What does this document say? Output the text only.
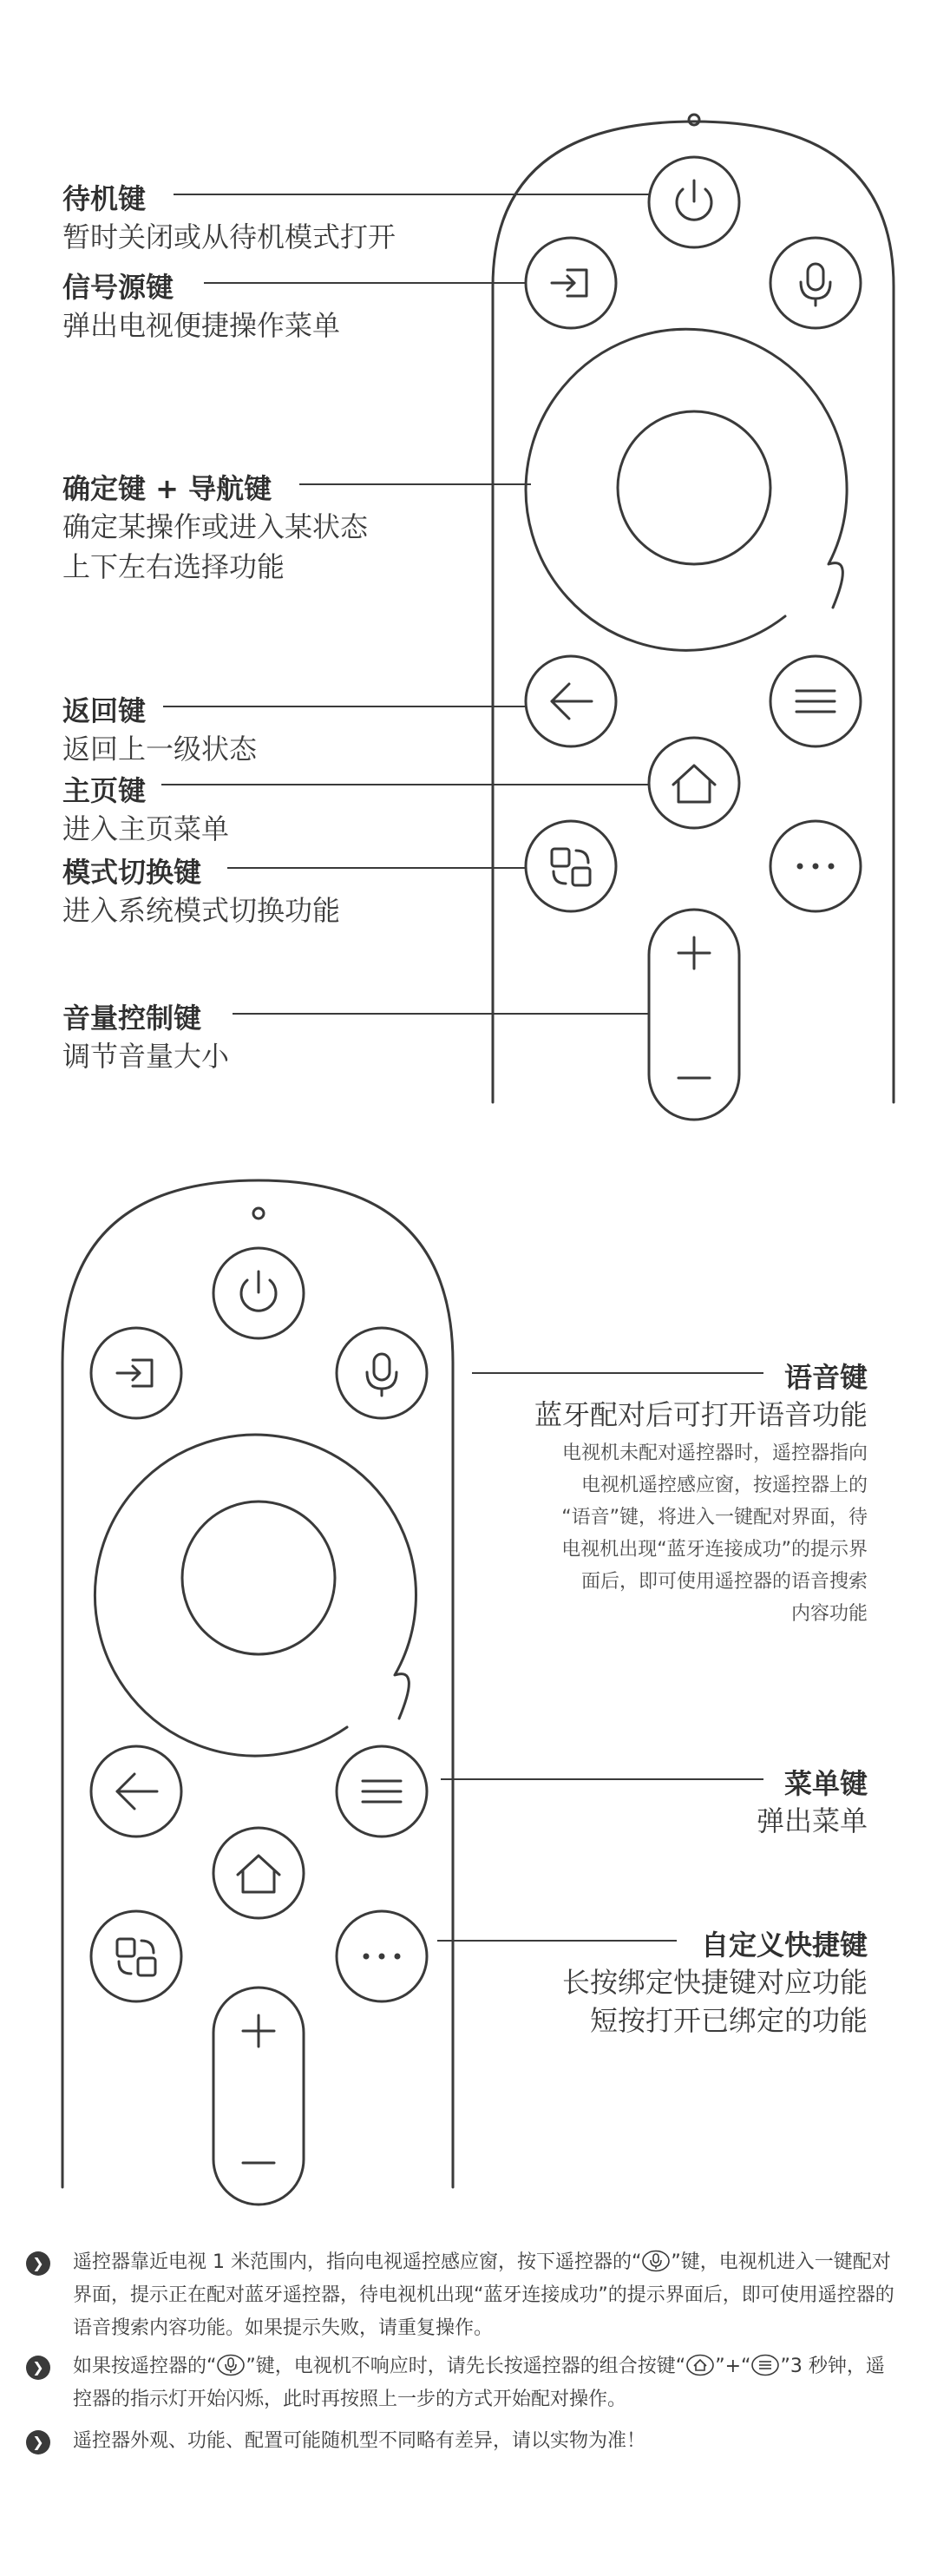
待机键
暂时关闭或从待机模式打开
信号源键
弹出电视便捷操作菜单
确定键 + 导航键
确定某操作或进入某状态
上下左右选择功能
返回键
返回上一级状态
主页键
进入主页菜单
模式切换键
进入系统模式切换功能
音量控制键
调节音量大小
语音键
蓝牙配对后可打开语音功能
电视机未配对遥控器时，遥控器指向
电视机遥控感应窗，按遥控器上的
“语音”键，将进入一键配对界面，待
电视机出现“蓝牙连接成功”的提示界
面后，即可使用遥控器的语音搜索
内容功能
菜单键
弹出菜单
自定义快捷键
长按绑定快捷键对应功能
短按打开已绑定的功能
❯	遥控器靠近电视 1 米范围内，指向电视遥控感应窗，按下遥控器的“ ”键，电视机进入一键配对界面，提示正在配对蓝牙遥控器，待电视机出现“蓝牙连接成功”的提示界面后，即可使用遥控器的语音搜索内容功能。如果提示失败，请重复操作。
❯	如果按遥控器的“ ”键，电视机不响应时，请先长按遥控器的组合按键“ ”+“ ”3 秒钟，遥控器的指示灯开始闪烁，此时再按照上一步的方式开始配对操作。
❯	遥控器外观、功能、配置可能随机型不同略有差异，请以实物为准！
